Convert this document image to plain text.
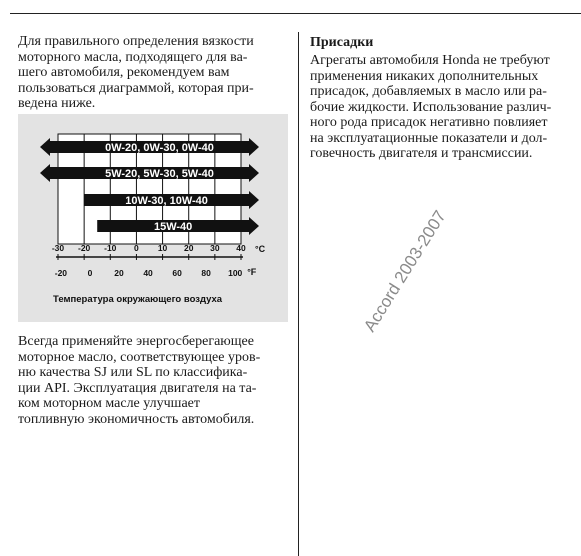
Для правильного определения вязкости
моторного масла, подходящего для ва-
шего автомобиля, рекомендуем вам
пользоваться диаграммой, которая при-
ведена ниже.

0W-20, 0W-30, 0W-40
5W-20, 5W-30, 5W-40
10W-30, 10W-40
15W-40
-30 -20 -10 0 10 20 30 40 °C
-20 0	20 40 60 80 100 °F
Температура окружающего воздуха

Всегда применяйте энергосберегающее
моторное масло, соответствующее уров-
ню качества SJ или SL по классифика-
ции API. Эксплуатация двигателя на та-
ком моторном масле улучшает
топливную экономичность автомобиля.

Присадки

Агрегаты автомобиля Honda не требуют
применения никаких дополнительных
присадок, добавляемых в масло или ра-
бочие жидкости. Использование различ-
ного рода присадок негативно повлияет
на эксплуатационные показатели и дол-
говечность двигателя и трансмиссии.

Accord 2003-2007
